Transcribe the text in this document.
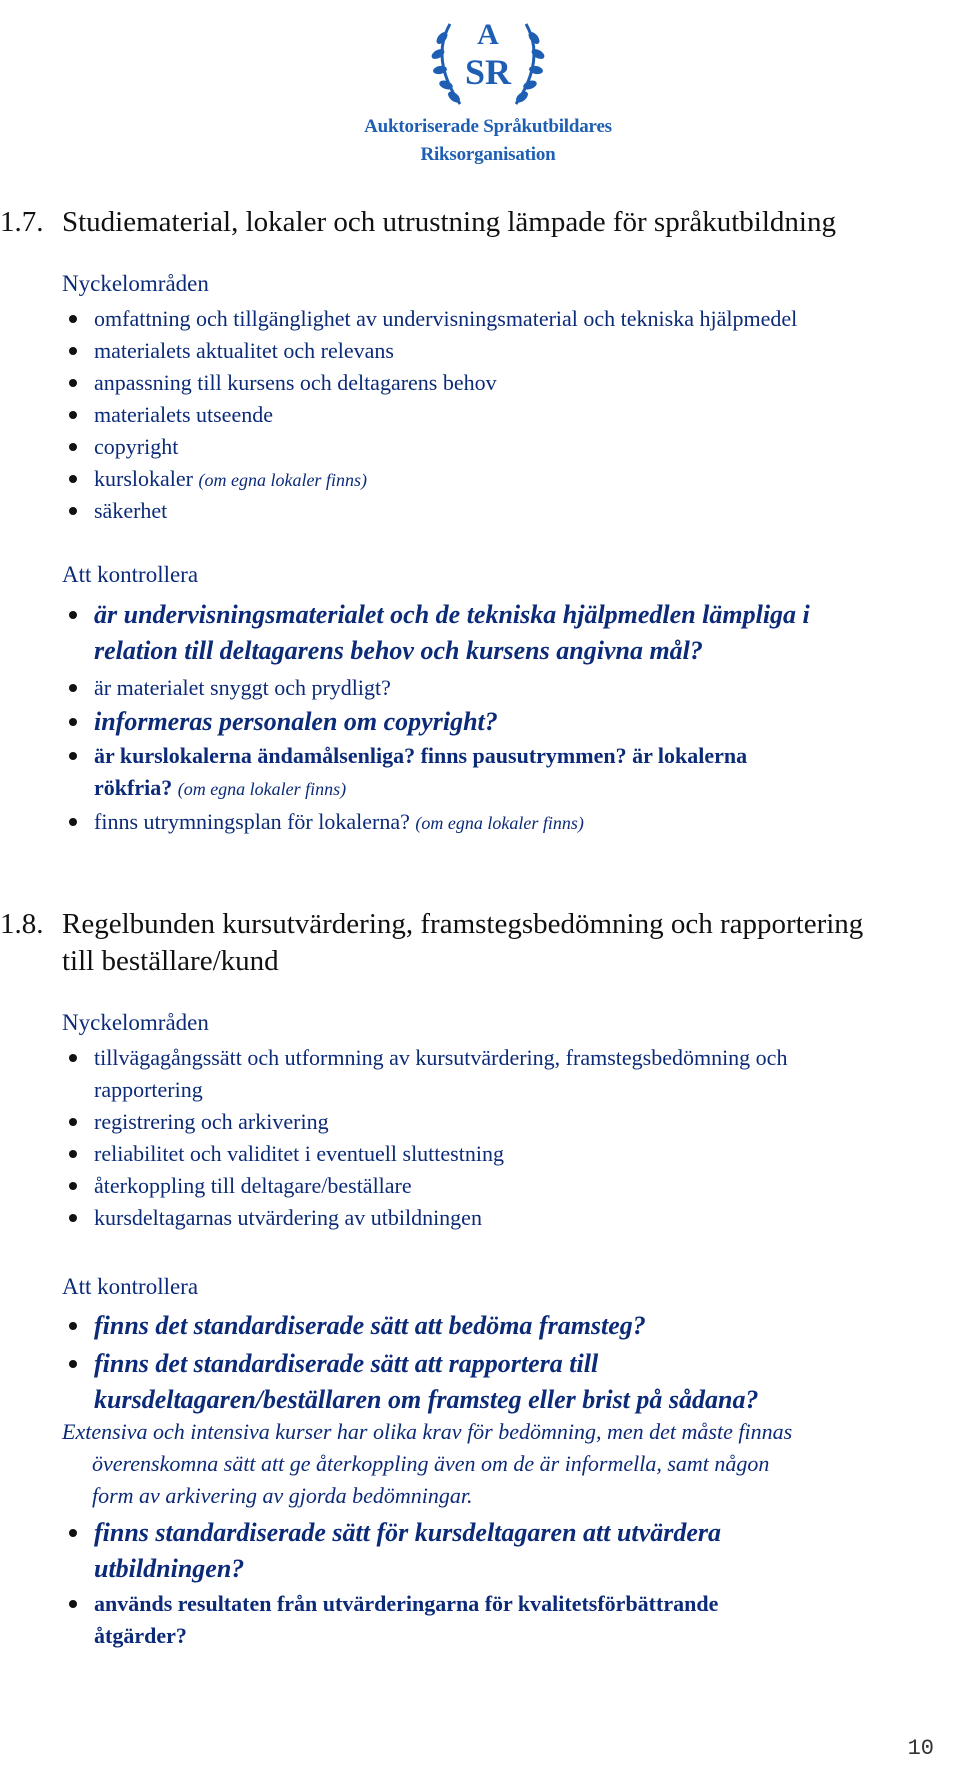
A
SR
Auktoriserade Språkutbildares
Riksorganisation
1.7. Studiematerial, lokaler och utrustning lämpade för språkutbildning
Nyckelområden
omfattning och tillgänglighet av undervisningsmaterial och tekniska hjälpmedel
materialets aktualitet och relevans
anpassning till kursens och deltagarens behov
materialets utseende
copyright
kurslokaler (om egna lokaler finns)
säkerhet
Att kontrollera
är undervisningsmaterialet och de tekniska hjälpmedlen lämpliga i
relation till deltagarens behov och kursens angivna mål?
är materialet snyggt och prydligt?
informeras personalen om copyright?
är kurslokalerna ändamålsenliga? finns pausutrymmen? är lokalerna
rökfria? (om egna lokaler finns)
finns utrymningsplan för lokalerna? (om egna lokaler finns)
1.8. Regelbunden kursutvärdering, framstegsbedömning och rapportering
till beställare/kund
Nyckelområden
tillvägagångssätt och utformning av kursutvärdering, framstegsbedömning och
rapportering
registrering och arkivering
reliabilitet och validitet i eventuell sluttestning
återkoppling till deltagare/beställare
kursdeltagarnas utvärdering av utbildningen
Att kontrollera
finns det standardiserade sätt att bedöma framsteg?
finns det standardiserade sätt att rapportera till
kursdeltagaren/beställaren om framsteg eller brist på sådana?
Extensiva och intensiva kurser har olika krav för bedömning, men det måste finnas
överenskomna sätt att ge återkoppling även om de är informella, samt någon
form av arkivering av gjorda bedömningar.
finns standardiserade sätt för kursdeltagaren att utvärdera
utbildningen?
används resultaten från utvärderingarna för kvalitetsförbättrande
åtgärder?
10
